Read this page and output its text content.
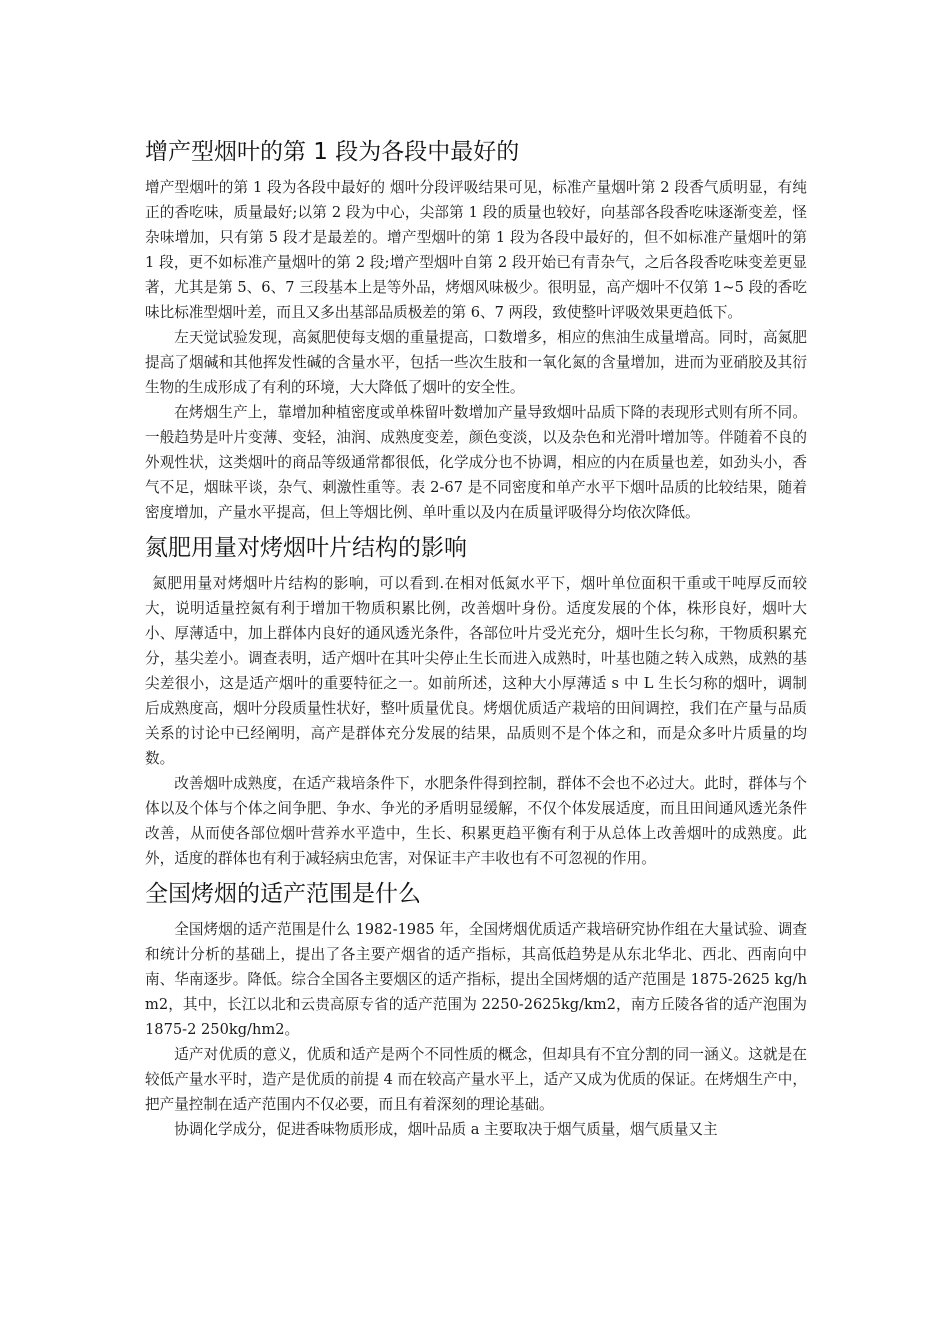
增产型烟叶的第 1 段为各段中最好的

增产型烟叶的第 1 段为各段中最好的 烟叶分段评吸结果可见，标准产量烟叶第 2 段香气质明显，有纯正的香吃味，质量最好;以第 2 段为中心，尖部第 1 段的质量也较好，向基部各段香吃味逐渐变差，怪杂味增加，只有第 5 段才是最差的。增产型烟叶的第 1 段为各段中最好的，但不如标准产量烟叶的第 1 段，更不如标准产量烟叶的第 2 段;增产型烟叶自第 2 段开始已有青杂气，之后各段香吃味变差更显著，尤其是第 5、6、7 三段基本上是等外品，烤烟风味极少。很明显，高产烟叶不仅第 1~5 段的香吃味比标准型烟叶差，而且又多出基部品质极差的第 6、7 两段，致使整叶评吸效果更趋低下。

左天觉试验发现，高氮肥使每支烟的重量提高，口数增多，相应的焦油生成量增高。同时，高氮肥提高了烟碱和其他挥发性碱的含量水平，包括一些次生肢和一氧化氮的含量增加，进而为亚硝胶及其衍生物的生成形成了有利的环境，大大降低了烟叶的安全性。

在烤烟生产上，靠增加种植密度或单株留叶数增加产量导致烟叶品质下降的表现形式则有所不同。一般趋势是叶片变薄、变轻，油润、成熟度变差，颜色变淡，以及杂色和光滑叶增加等。伴随着不良的外观性状，这类烟叶的商品等级通常都很低，化学成分也不协调，相应的内在质量也差，如劲头小，香气不足，烟昧平谈，杂气、刺激性重等。表 2-67 是不同密度和单产水平下烟叶品质的比较结果，随着密度增加，产量水平提高，但上等烟比例、单叶重以及内在质量评吸得分均依次降低。

氮肥用量对烤烟叶片结构的影响

氮肥用量对烤烟叶片结构的影响，可以看到.在相对低氮水平下，烟叶单位面积干重或干吨厚反而较大，说明适量控氮有利于增加干物质积累比例，改善烟叶身份。适度发展的个体，株形良好，烟叶大小、厚薄适中，加上群体内良好的通风透光条件，各部位叶片受光充分，烟叶生长匀称，干物质积累充分，基尖差小。调查表明，适产烟叶在其叶尖停止生长而进入成熟时，叶基也随之转入成熟，成熟的基尖差很小，这是适产烟叶的重要特征之一。如前所述，这种大小厚薄适 s 中 L 生长匀称的烟叶，调制后成熟度高，烟叶分段质量性状好，整叶质量优良。烤烟优质适产栽培的田间调控，我们在产量与品质关系的讨论中已经阐明，高产是群体充分发展的结果，品质则不是个体之和，而是众多叶片质量的均数。

改善烟叶成熟度，在适产栽培条件下，水肥条件得到控制，群体不会也不必过大。此时，群体与个体以及个体与个体之间争肥、争水、争光的矛盾明显缓解，不仅个体发展适度，而且田间通风透光条件改善，从而使各部位烟叶营养水平造中，生长、积累更趋平衡有利于从总体上改善烟叶的成熟度。此外，适度的群体也有利于减轻病虫危害，对保证丰产丰收也有不可忽视的作用。

全国烤烟的适产范围是什么

全国烤烟的适产范围是什么 1982-1985 年，全国烤烟优质适产栽培研究协作组在大量试验、调查和统计分析的基础上，提出了各主要产烟省的适产指标，其高低趋势是从东北华北、西北、西南向中南、华南逐步。降低。综合全国各主要烟区的适产指标，提出全国烤烟的适产范围是 1875-2625 kg/hm2，其中，长江以北和云贵高原专省的适产范围为 2250-2625kg/km2，南方丘陵各省的适产泡围为 1875-2 250kg/hm2。

适产对优质的意义，优质和适产是两个不同性质的概念，但却具有不宜分割的同一涵义。这就是在较低产量水平时，造产是优质的前提 4 而在较高产量水平上，适产又成为优质的保证。在烤烟生产中，把产量控制在适产范围内不仅必要，而且有着深刻的理论基础。

协调化学成分，促进香味物质形成，烟叶品质 a 主要取决于烟气质量，烟气质量又主
